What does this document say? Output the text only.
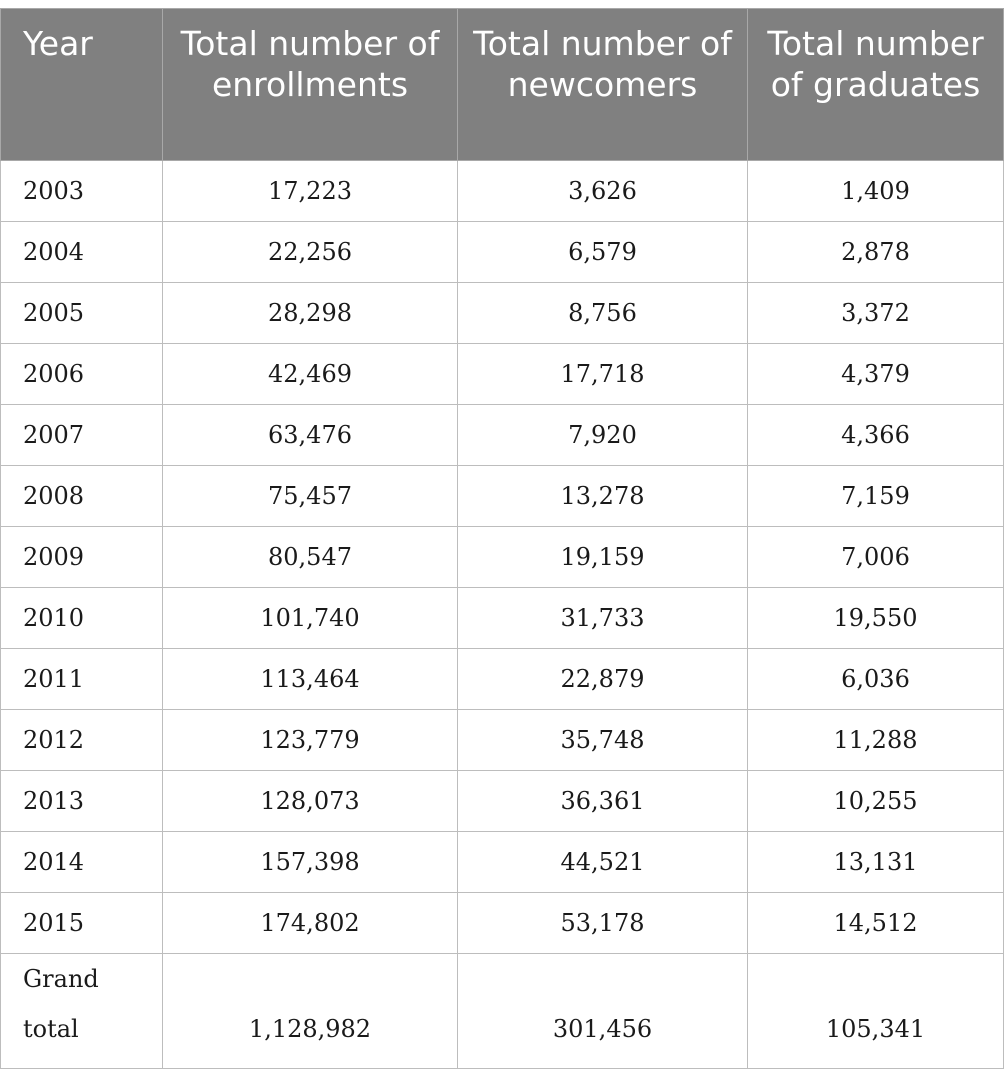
Year	Total number of enrollments	Total number of newcomers	Total number of graduates
2003	17,223	3,626	1,409
2004	22,256	6,579	2,878
2005	28,298	8,756	3,372
2006	42,469	17,718	4,379
2007	63,476	7,920	4,366
2008	75,457	13,278	7,159
2009	80,547	19,159	7,006
2010	101,740	31,733	19,550
2011	113,464	22,879	6,036
2012	123,779	35,748	11,288
2013	128,073	36,361	10,255
2014	157,398	44,521	13,131
2015	174,802	53,178	14,512
Grand total	1,128,982	301,456	105,341
